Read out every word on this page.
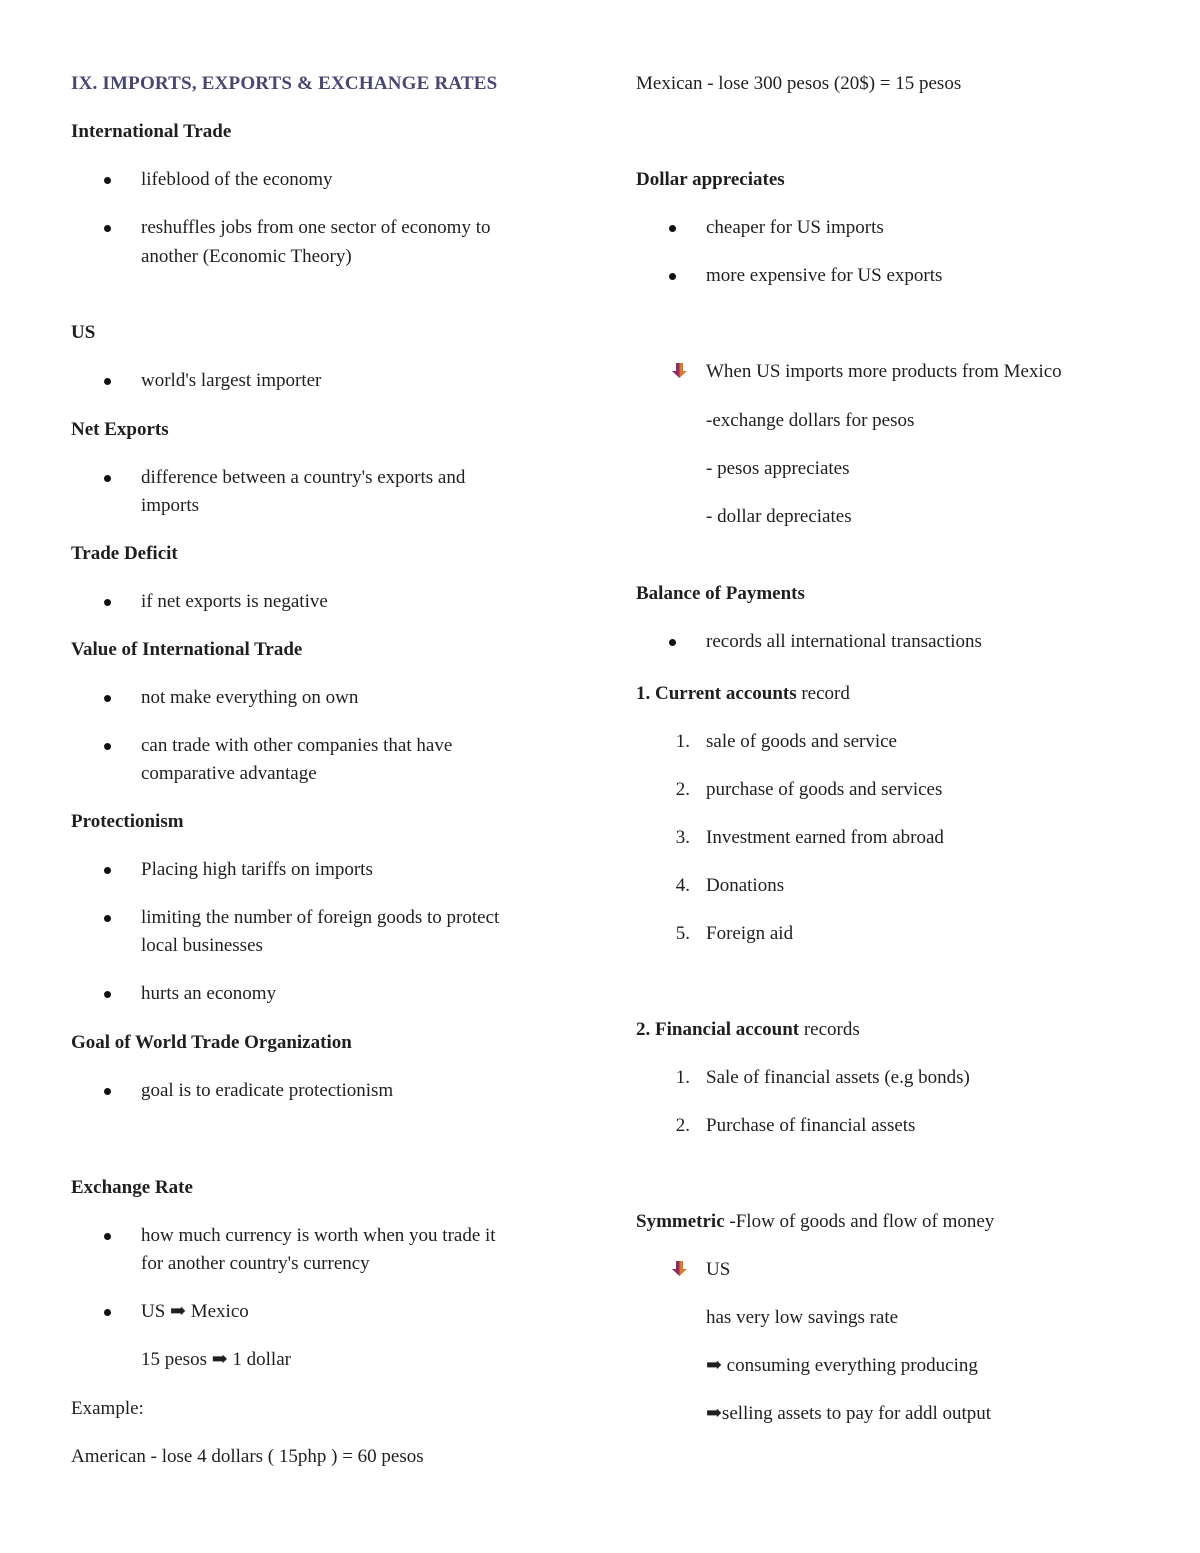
IX. IMPORTS, EXPORTS & EXCHANGE RATES
International Trade
lifeblood of the economy
reshuffles jobs from one sector of economy to
another (Economic Theory)
US
world's largest importer
Net Exports
difference between a country's exports and
imports
Trade Deficit
if net exports is negative
Value of International Trade
not make everything on own
can trade with other companies that have
comparative advantage
Protectionism
Placing high tariffs on imports
limiting the number of foreign goods to protect
local businesses
hurts an economy
Goal of World Trade Organization
goal is to eradicate protectionism
Exchange Rate
how much currency is worth when you trade it
for another country's currency
US ➡ Mexico
15 pesos ➡ 1 dollar
Example:
American - lose 4 dollars ( 15php ) = 60 pesos
Mexican - lose 300 pesos (20$) = 15 pesos
Dollar appreciates
cheaper for US imports
more expensive for US exports
When US imports more products from Mexico
-exchange dollars for pesos
- pesos appreciates
- dollar depreciates
Balance of Payments
records all international transactions
1. Current accounts record
1. sale of goods and service
2. purchase of goods and services
3. Investment earned from abroad
4. Donations
5. Foreign aid
2. Financial account records
1. Sale of financial assets (e.g bonds)
2. Purchase of financial assets
Symmetric -Flow of goods and flow of money
US
has very low savings rate
➡ consuming everything producing
➡selling assets to pay for addl output
